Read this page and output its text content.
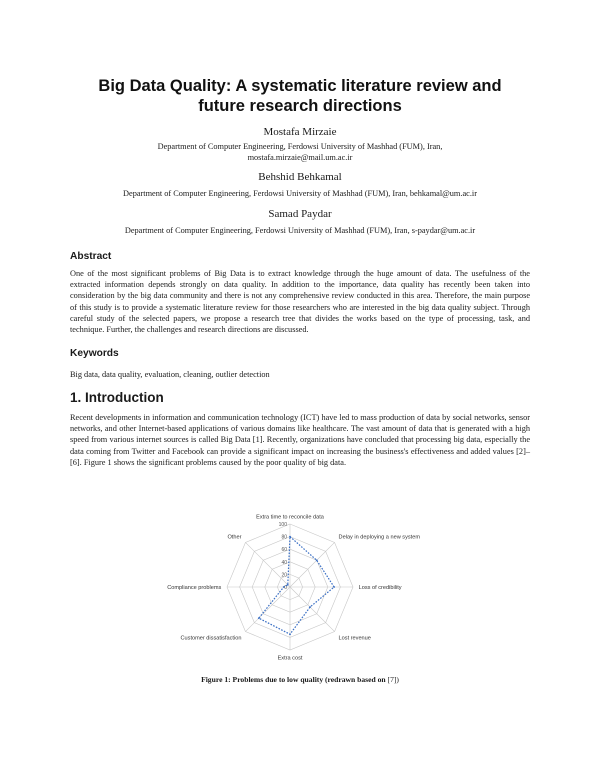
Big Data Quality: A systematic literature review and
future research directions
Mostafa Mirzaie
Department of Computer Engineering, Ferdowsi University of Mashhad (FUM), Iran,
mostafa.mirzaie@mail.um.ac.ir
Behshid Behkamal
Department of Computer Engineering, Ferdowsi University of Mashhad (FUM), Iran, behkamal@um.ac.ir
Samad Paydar
Department of Computer Engineering, Ferdowsi University of Mashhad (FUM), Iran, s-paydar@um.ac.ir
Abstract
One of the most significant problems of Big Data is to extract knowledge through the huge amount of data. The usefulness of the extracted information depends strongly on data quality. In addition to the importance, data quality has recently been taken into consideration by the big data community and there is not any comprehensive review conducted in this area. Therefore, the main purpose of this study is to provide a systematic literature review for those researchers who are interested in the big data quality subject. Through careful study of the selected papers, we propose a research tree that divides the works based on the type of processing, task, and technique. Further, the challenges and research directions are discussed.
Keywords
Big data, data quality, evaluation, cleaning, outlier detection
1. Introduction
Recent developments in information and communication technology (ICT) have led to mass production of data by social networks, sensor networks, and other Internet-based applications of various domains like healthcare. The vast amount of data that is generated with a high speed from various internet sources is called Big Data [1]. Recently, organizations have concluded that processing big data, especially the data coming from Twitter and Facebook can provide a significant impact on increasing the business's effectiveness and added values [2]–[6]. Figure 1 shows the significant problems caused by the poor quality of big data.
0
20
40
60
80
100
Extra time to reconcile data
Delay in deploying a new system
Loss of credibility
Lost revenue
Extra cost
Customer dissatisfaction
Compliance problems
Other
Figure 1: Problems due to low quality (redrawn based on [7])
